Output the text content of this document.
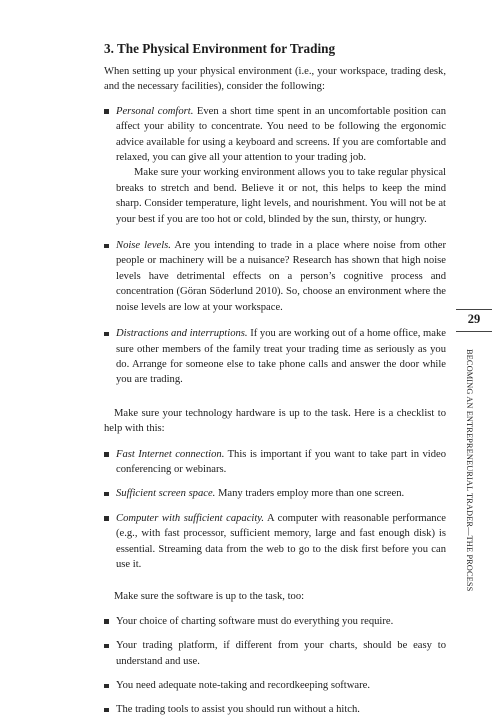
3. The Physical Environment for Trading

When setting up your physical environment (i.e., your workspace, trading desk, and the necessary facilities), consider the following:

Personal comfort. Even a short time spent in an uncomfortable position can affect your ability to concentrate. You need to be following the ergonomic advice available for using a keyboard and screens. If you are comfortable and relaxed, you can give all your attention to your trading job.

Make sure your working environment allows you to take regular physical breaks to stretch and bend. Believe it or not, this helps to keep the mind sharp. Consider temperature, light levels, and nourishment. You will not be at your best if you are too hot or cold, blinded by the sun, thirsty, or hungry.

Noise levels. Are you intending to trade in a place where noise from other people or machinery will be a nuisance? Research has shown that high noise levels have detrimental effects on a person’s cognitive process and concentration (Göran Söderlund 2010). So, choose an environment where the noise levels are low at your workspace.

Distractions and interruptions. If you are working out of a home office, make sure other members of the family treat your trading time as seriously as you do. Arrange for someone else to take phone calls and answer the door while you are trading.

Make sure your technology hardware is up to the task. Here is a checklist to help with this:

Fast Internet connection. This is important if you want to take part in video conferencing or webinars.

Sufficient screen space. Many traders employ more than one screen.

Computer with sufficient capacity. A computer with reasonable performance (e.g., with fast processor, sufficient memory, large and fast enough disk) is essential. Streaming data from the web to go to the disk first before you can use it.

Make sure the software is up to the task, too:

Your choice of charting software must do everything you require.

Your trading platform, if different from your charts, should be easy to understand and use.

You need adequate note-taking and recordkeeping software.

The trading tools to assist you should run without a hitch.

29
BECOMING AN ENTREPRENEURIAL TRADER—THE PROCESS
